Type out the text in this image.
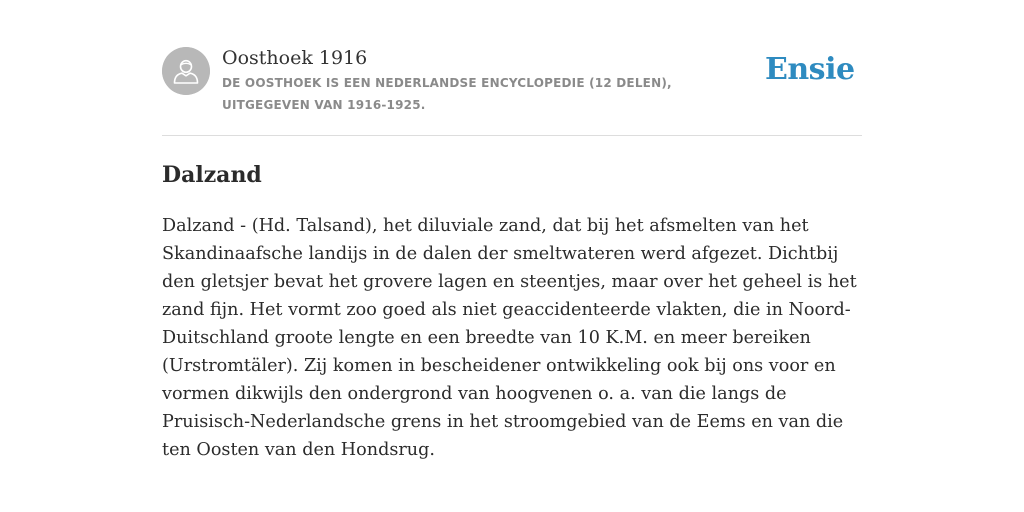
Oosthoek 1916
DE OOSTHOEK IS EEN NEDERLANDSE ENCYCLOPEDIE (12 DELEN), UITGEGEVEN VAN 1916-1925.
Ensie
Dalzand

Dalzand - (Hd. Talsand), het diluviale zand, dat bij het afsmelten van het Skandinaafsche landijs in de dalen der smeltwateren werd afgezet. Dichtbij den gletsjer bevat het grovere lagen en steentjes, maar over het geheel is het zand fijn. Het vormt zoo goed als niet geaccidenteerde vlakten, die in Noord-Duitschland groote lengte en een breedte van 10 K.M. en meer bereiken (Urstromtäler). Zij komen in bescheidener ontwikkeling ook bij ons voor en vormen dikwijls den ondergrond van hoogvenen o. a. van die langs de Pruisisch-Nederlandsche grens in het stroomgebied van de Eems en van die ten Oosten van den Hondsrug.
